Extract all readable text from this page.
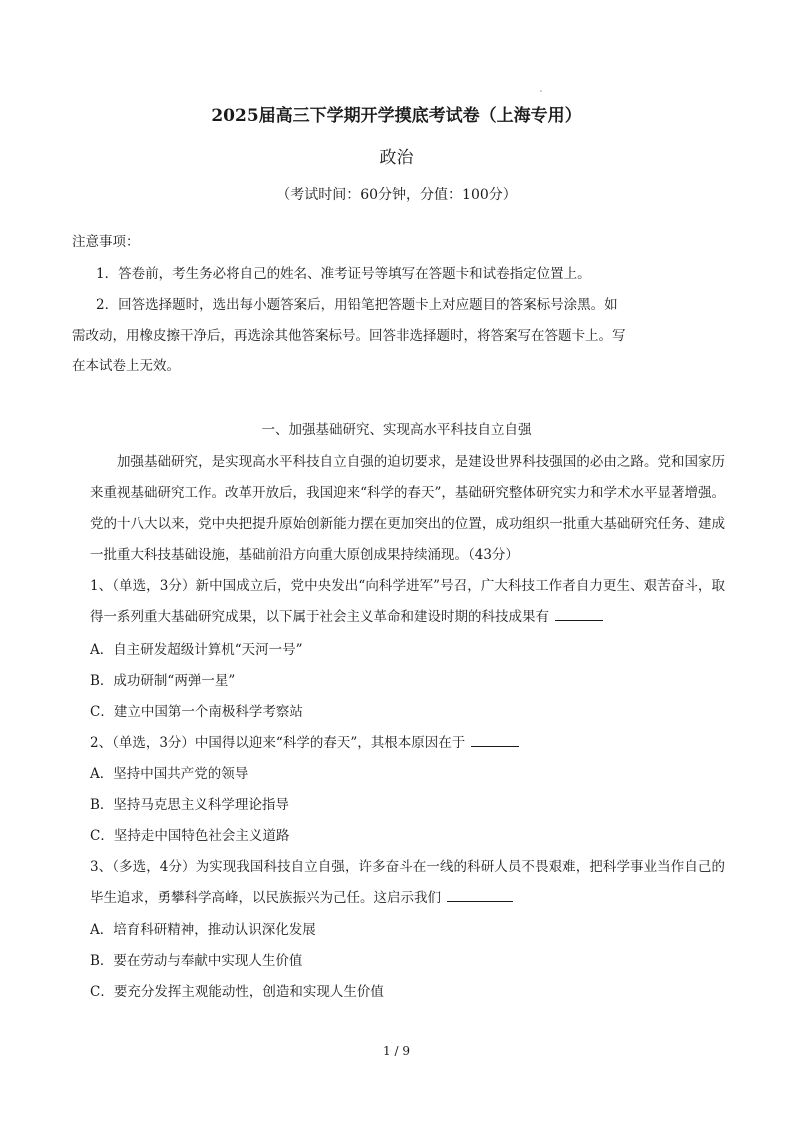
2025届高三下学期开学摸底考试卷（上海专用）
政治
（考试时间：60分钟，分值：100分）
注意事项：
1．答卷前，考生务必将自己的姓名、准考证号等填写在答题卡和试卷指定位置上。
2．回答选择题时，选出每小题答案后，用铅笔把答题卡上对应题目的答案标号涂黑。如
需改动，用橡皮擦干净后，再选涂其他答案标号。回答非选择题时，将答案写在答题卡上。写
在本试卷上无效。
一、加强基础研究、实现高水平科技自立自强
加强基础研究，是实现高水平科技自立自强的迫切要求，是建设世界科技强国的必由之路。党和国家历来重视基础研究工作。改革开放后，我国迎来“科学的春天”，基础研究整体研究实力和学术水平显著增强。党的十八大以来，党中央把提升原始创新能力摆在更加突出的位置，成功组织一批重大基础研究任务、建成一批重大科技基础设施，基础前沿方向重大原创成果持续涌现。（43分）
1、（单选，3分）新中国成立后，党中央发出“向科学进军”号召，广大科技工作者自力更生、艰苦奋斗，取得一系列重大基础研究成果，以下属于社会主义革命和建设时期的科技成果有
A．自主研发超级计算机“天河一号”
B．成功研制“两弹一星”
C．建立中国第一个南极科学考察站
2、（单选，3分）中国得以迎来“科学的春天”，其根本原因在于
A．坚持中国共产党的领导
B．坚持马克思主义科学理论指导
C．坚持走中国特色社会主义道路
3、（多选，4分）为实现我国科技自立自强，许多奋斗在一线的科研人员不畏艰难，把科学事业当作自己的毕生追求，勇攀科学高峰，以民族振兴为己任。这启示我们
A．培育科研精神，推动认识深化发展
B．要在劳动与奉献中实现人生价值
C．要充分发挥主观能动性，创造和实现人生价值
1 / 9
